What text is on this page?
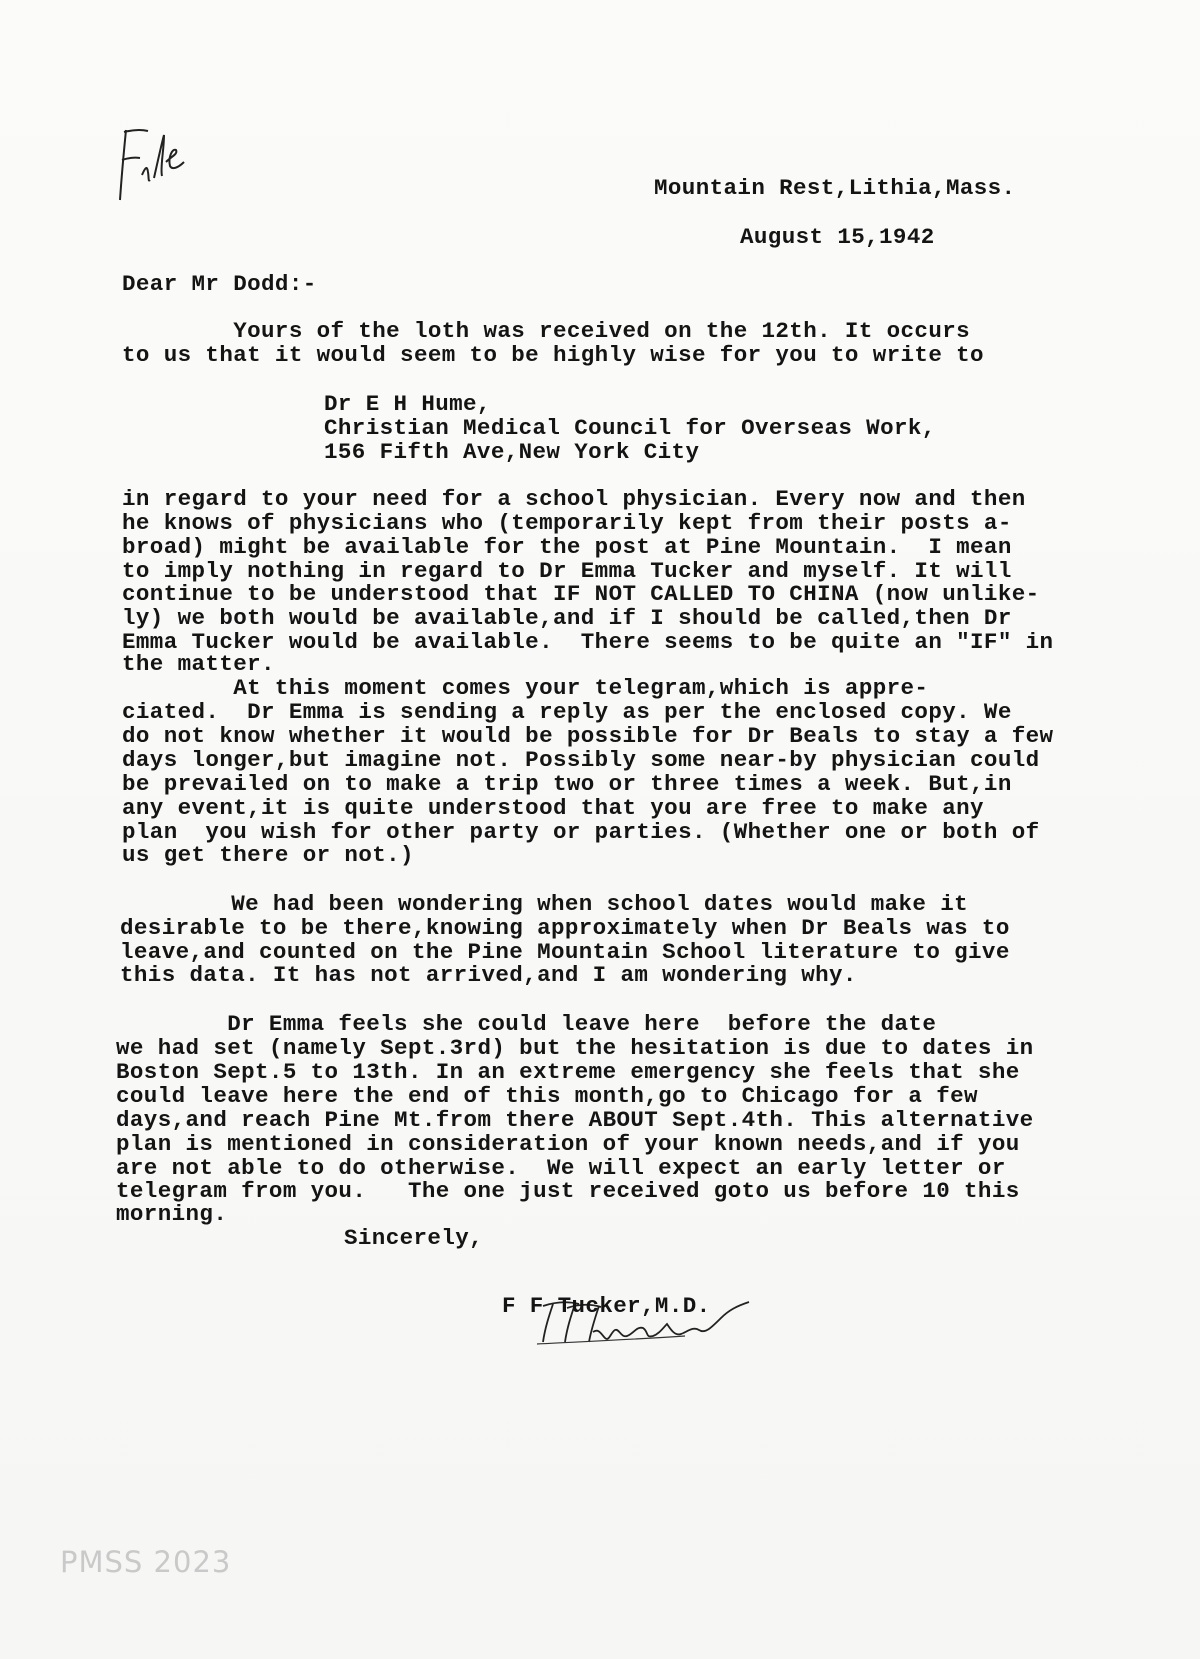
Mountain Rest,Lithia,Mass.
August 15,1942
Dear Mr Dodd:-
Yours of the loth was received on the 12th. It occurs
to us that it would seem to be highly wise for you to write to
Dr E H Hume,
Christian Medical Council for Overseas Work,
156 Fifth Ave,New York City
in regard to your need for a school physician. Every now and then
he knows of physicians who (temporarily kept from their posts a-
broad) might be available for the post at Pine Mountain.  I mean
to imply nothing in regard to Dr Emma Tucker and myself. It will
continue to be understood that IF NOT CALLED TO CHINA (now unlike-
ly) we both would be available,and if I should be called,then Dr
Emma Tucker would be available.  There seems to be quite an "IF" in
the matter.
At this moment comes your telegram,which is appre-
ciated.  Dr Emma is sending a reply as per the enclosed copy. We
do not know whether it would be possible for Dr Beals to stay a few
days longer,but imagine not. Possibly some near-by physician could
be prevailed on to make a trip two or three times a week. But,in
any event,it is quite understood that you are free to make any
plan  you wish for other party or parties. (Whether one or both of
us get there or not.)
We had been wondering when school dates would make it
desirable to be there,knowing approximately when Dr Beals was to
leave,and counted on the Pine Mountain School literature to give
this data. It has not arrived,and I am wondering why.
Dr Emma feels she could leave here  before the date
we had set (namely Sept.3rd) but the hesitation is due to dates in
Boston Sept.5 to 13th. In an extreme emergency she feels that she
could leave here the end of this month,go to Chicago for a few
days,and reach Pine Mt.from there ABOUT Sept.4th. This alternative
plan is mentioned in consideration of your known needs,and if you
are not able to do otherwise.  We will expect an early letter or
telegram from you.   The one just received goto us before 10 this
morning.
Sincerely,
F F Tucker,M.D.
PMSS 2023
